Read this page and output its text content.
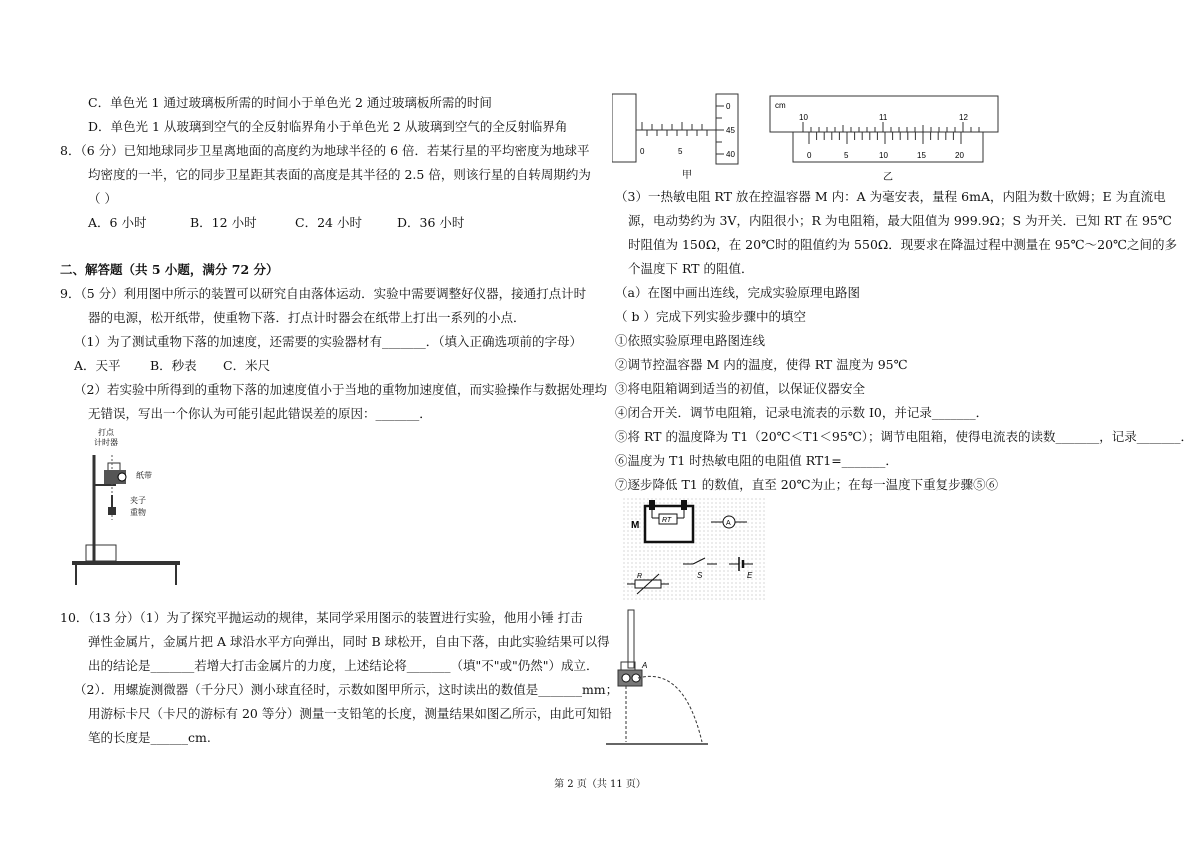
C．单色光 1 通过玻璃板所需的时间小于单色光 2 通过玻璃板所需的时间
D．单色光 1 从玻璃到空气的全反射临界角小于单色光 2 从玻璃到空气的全反射临界角
8．（6 分）已知地球同步卫星离地面的高度约为地球半径的 6 倍．若某行星的平均密度为地球平
均密度的一半，它的同步卫星距其表面的高度是其半径的 2.5 倍，则该行星的自转周期约为
（ ）
A．6 小时	B．12 小时	C．24 小时	D．36 小时
二、解答题（共 5 小题，满分 72 分）
9．（5 分）利用图中所示的装置可以研究自由落体运动．实验中需要调整好仪器，接通打点计时
器的电源，松开纸带，使重物下落．打点计时器会在纸带上打出一系列的小点．
（1）为了测试重物下落的加速度，还需要的实验器材有_______．（填入正确选项前的字母）
A．天平 B．秒表 C．米尺
（2）若实验中所得到的重物下落的加速度值小于当地的重物加速度值，而实验操作与数据处理均
无错误，写出一个你认为可能引起此错误差的原因：_______．
打点
计时器
纸带
夹子
重物
10．（13 分）（1）为了探究平抛运动的规律，某同学采用图示的装置进行实验，他用小锤 打击
弹性金属片，金属片把 A 球沿水平方向弹出，同时 B 球松开，自由下落，由此实验结果可以得
出的结论是_______若增大打击金属片的力度，上述结论将_______（填"不"或"仍然"）成立．
（2）．用螺旋测微器（千分尺）测小球直径时，示数如图甲所示，这时读出的数值是_______mm；
用游标卡尺（卡尺的游标有 20 等分）测量一支铅笔的长度，测量结果如图乙所示，由此可知铅
笔的长度是______cm.
0	5
0
45
40
甲
cm
10	11	12
0	5	10	15	20
乙
（3）一热敏电阻 RT 放在控温容器 M 内：A 为毫安表，量程 6mA，内阻为数十欧姆；E 为直流电
源，电动势约为 3V，内阻很小；R 为电阻箱，最大阻值为 999.9Ω；S 为开关．已知 RT 在 95℃
时阻值为 150Ω，在 20℃时的阻值约为 550Ω．现要求在降温过程中测量在 95℃～20℃之间的多
个温度下 RT 的阻值．
（a）在图中画出连线，完成实验原理电路图
（ b ）完成下列实验步骤中的填空
①依照实验原理电路图连线
②调节控温容器 M 内的温度，使得 RT 温度为 95℃
③将电阻箱调到适当的初值，以保证仪器安全
④闭合开关．调节电阻箱，记录电流表的示数 I0，并记录_______．
⑤将 RT 的温度降为 T1（20℃＜T1＜95℃）；调节电阻箱，使得电流表的读数_______，记录_______．
⑥温度为 T1 时热敏电阻的电阻值 RT1=_______．
⑦逐步降低 T1 的数值，直至 20℃为止；在每一温度下重复步骤⑤⑥
M	RT	A
R	S	E
A
第 2 页（共 11 页）
